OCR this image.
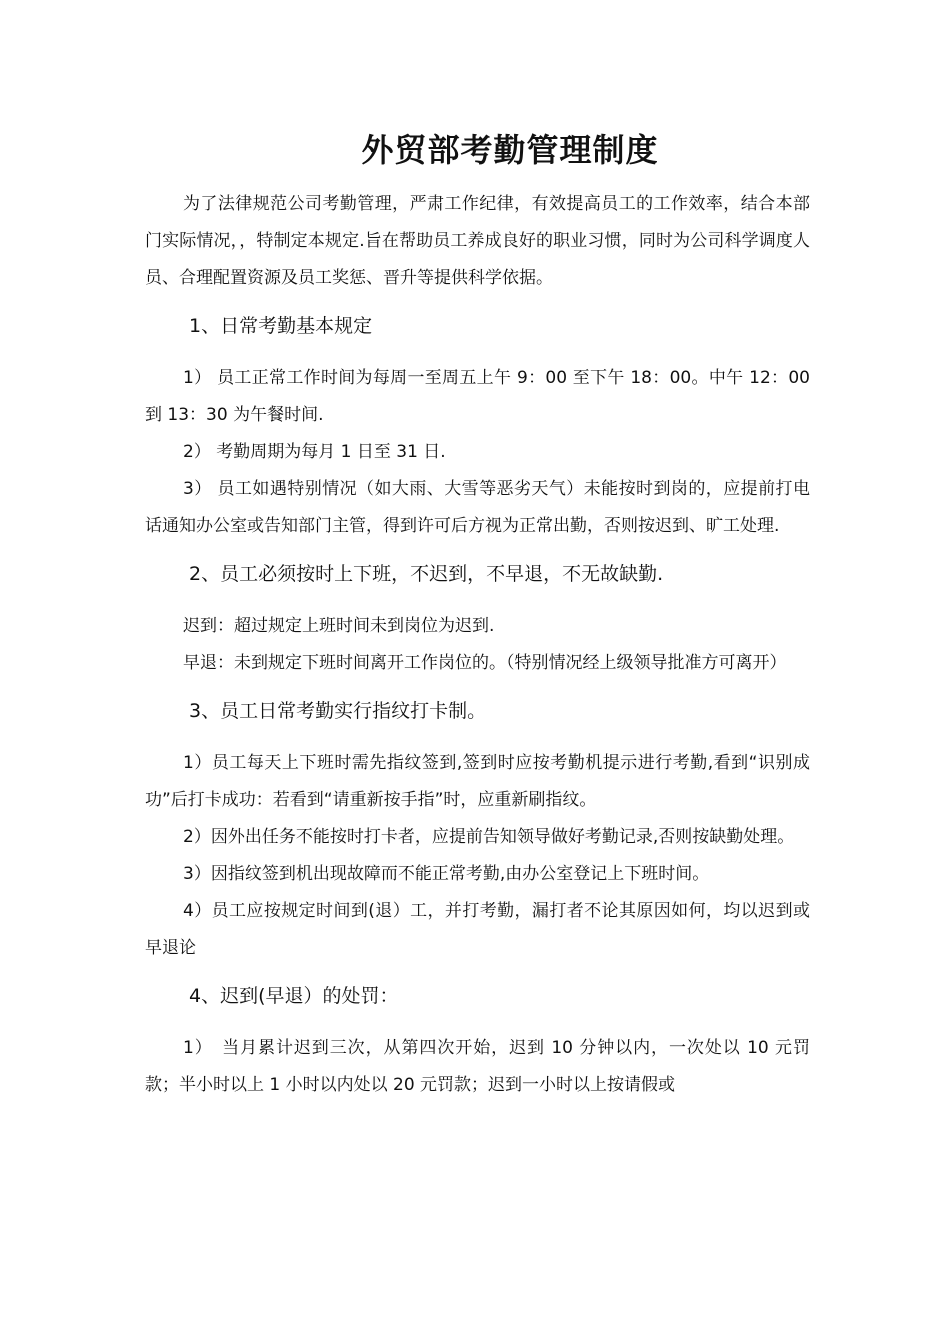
外贸部考勤管理制度

为了法律规范公司考勤管理，严肃工作纪律，有效提高员工的工作效率，结合本部门实际情况，，特制定本规定.旨在帮助员工养成良好的职业习惯，同时为公司科学调度人员、合理配置资源及员工奖惩、晋升等提供科学依据。

1、日常考勤基本规定

1） 员工正常工作时间为每周一至周五上午 9：00 至下午 18：00。中午 12：00 到 13：30 为午餐时间.

2） 考勤周期为每月 1 日至 31 日.

3） 员工如遇特别情况（如大雨、大雪等恶劣天气）未能按时到岗的，应提前打电话通知办公室或告知部门主管，得到许可后方视为正常出勤，否则按迟到、旷工处理.

2、员工必须按时上下班，不迟到，不早退，不无故缺勤.

迟到：超过规定上班时间未到岗位为迟到.

早退：未到规定下班时间离开工作岗位的。（特别情况经上级领导批准方可离开）

3、员工日常考勤实行指纹打卡制。

1）员工每天上下班时需先指纹签到,签到时应按考勤机提示进行考勤,看到“识别成功”后打卡成功：若看到“请重新按手指”时，应重新刷指纹。

2）因外出任务不能按时打卡者，应提前告知领导做好考勤记录,否则按缺勤处理。

3）因指纹签到机出现故障而不能正常考勤,由办公室登记上下班时间。

4）员工应按规定时间到(退）工，并打考勤，漏打者不论其原因如何，均以迟到或早退论

4、迟到(早退）的处罚：

1）　当月累计迟到三次，从第四次开始，迟到 10 分钟以内，一次处以 10 元罚款；半小时以上 1 小时以内处以 20 元罚款；迟到一小时以上按请假或
